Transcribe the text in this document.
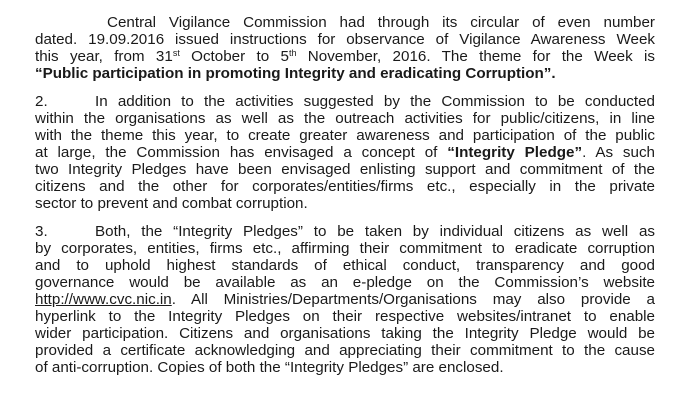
Central Vigilance Commission had through its circular of even number
dated. 19.09.2016 issued instructions for observance of Vigilance Awareness Week
this year, from 31st October to 5th November, 2016. The theme for the Week is
“Public participation in promoting Integrity and eradicating Corruption”.
2.	In addition to the activities suggested by the Commission to be conducted
within the organisations as well as the outreach activities for public/citizens, in line
with the theme this year, to create greater awareness and participation of the public
at large, the Commission has envisaged a concept of “Integrity Pledge”. As such
two Integrity Pledges have been envisaged enlisting support and commitment of the
citizens and the other for corporates/entities/firms etc., especially in the private
sector to prevent and combat corruption.
3.	Both, the “Integrity Pledges” to be taken by individual citizens as well as
by corporates, entities, firms etc., affirming their commitment to eradicate corruption
and to uphold highest standards of ethical conduct, transparency and good
governance would be available as an e-pledge on the Commission’s website
http://www.cvc.nic.in. All Ministries/Departments/Organisations may also provide a
hyperlink to the Integrity Pledges on their respective websites/intranet to enable
wider participation. Citizens and organisations taking the Integrity Pledge would be
provided a certificate acknowledging and appreciating their commitment to the cause
of anti-corruption. Copies of both the “Integrity Pledges” are enclosed.
